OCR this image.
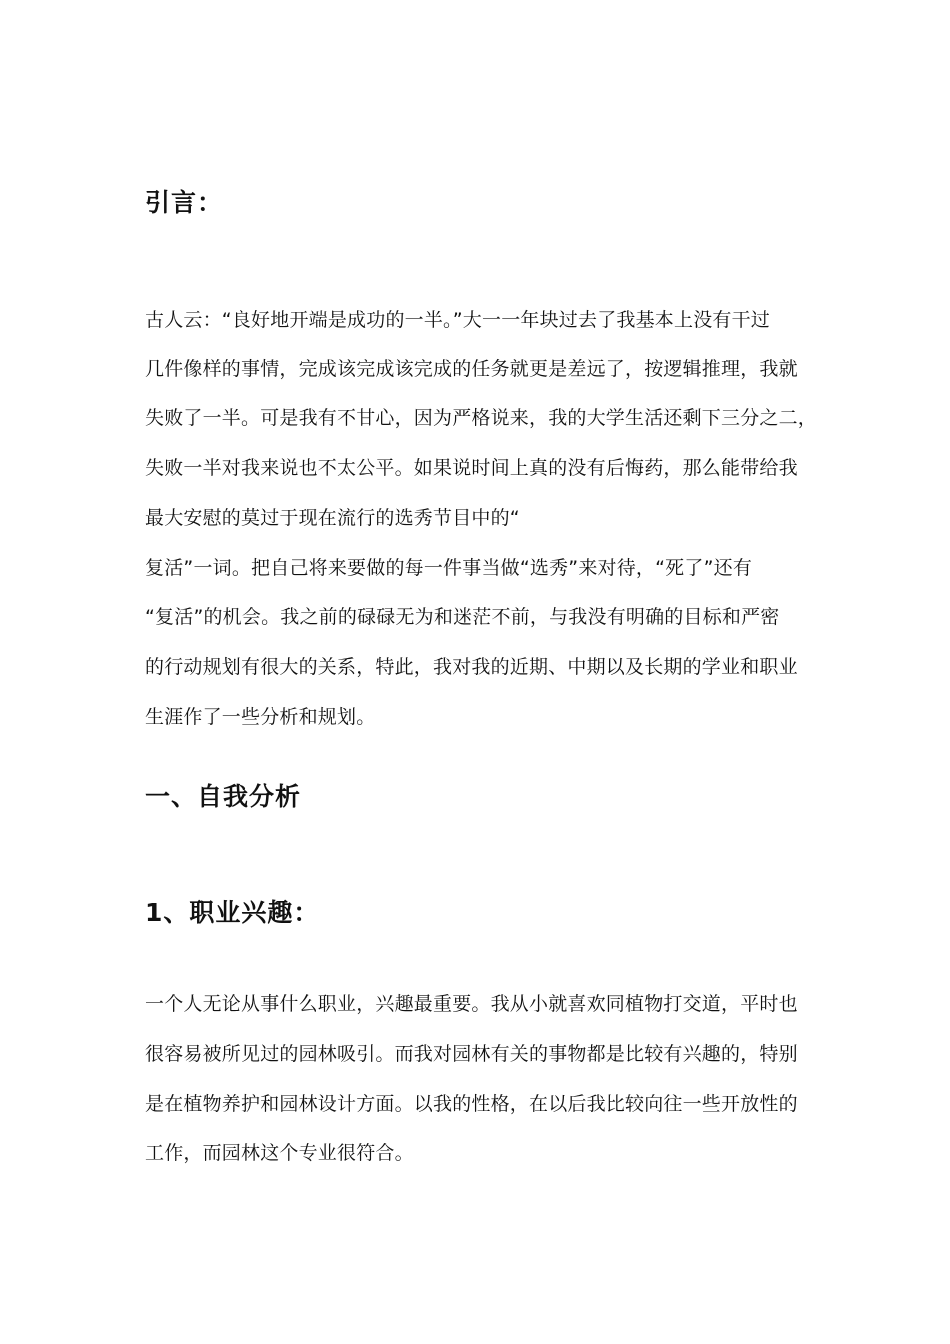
引言：

古人云：“良好地开端是成功的一半。”大一一年块过去了我基本上没有干过

几件像样的事情，完成该完成该完成的任务就更是差远了，按逻辑推理，我就

失败了一半。可是我有不甘心，因为严格说来，我的大学生活还剩下三分之二，

失败一半对我来说也不太公平。如果说时间上真的没有后悔药，那么能带给我

最大安慰的莫过于现在流行的选秀节目中的“

复活”一词。把自己将来要做的每一件事当做“选秀”来对待，“死了”还有

“复活”的机会。我之前的碌碌无为和迷茫不前，与我没有明确的目标和严密

的行动规划有很大的关系，特此，我对我的近期、中期以及长期的学业和职业

生涯作了一些分析和规划。

一、自我分析
1、职业兴趣：

一个人无论从事什么职业，兴趣最重要。我从小就喜欢同植物打交道，平时也

很容易被所见过的园林吸引。而我对园林有关的事物都是比较有兴趣的，特别

是在植物养护和园林设计方面。以我的性格，在以后我比较向往一些开放性的

工作，而园林这个专业很符合。
